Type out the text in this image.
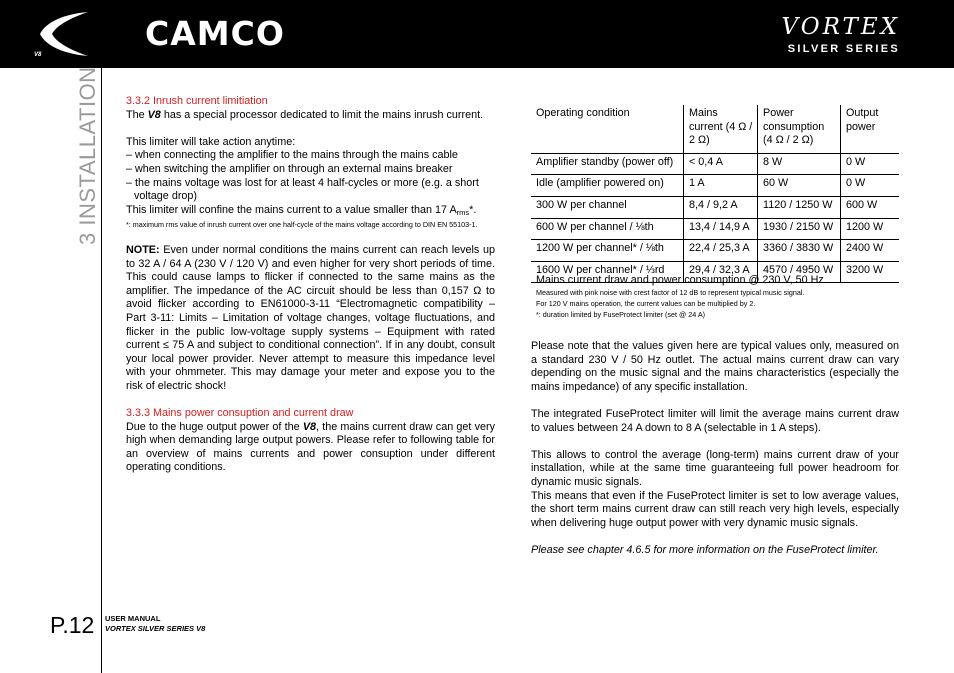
V8
CAMCO	VORTEX
SILVER SERIES
3 INSTALLATION
P.12 USER MANUAL
VORTEX SILVER SERIES V8

3.3.2 Inrush current limitiation

The V8 has a special processor dedicated to limit the mains inrush current.

This limiter will take action anytime:

– when connecting the amplifier to the mains through the mains cable

– when switching the amplifier on through an external mains breaker

– the mains voltage was lost for at least 4 half-cycles or more (e.g. a short voltage drop)

This limiter will confine the mains current to a value smaller than 17 $A_{rms}*$.

*: maximum rms value of inrush current over one half-cycle of the mains voltage according to DIN EN 55103-1.

NOTE: Even under normal conditions the mains current can reach levels up to 32 A / 64 A (230 V / 120 V) and even higher for very short periods of time. This could cause lamps to flicker if connected to the same mains as the amplifier. The impedance of the AC circuit should be less than 0,157 Ω to avoid flicker according to EN61000-3-11 “Electromagnetic compatibility – Part 3-11: Limits – Limitation of voltage changes, voltage fluctuations, and flicker in the public low-voltage supply systems – Equipment with rated current ≤ 75 A and subject to conditional connection”. If in any doubt, consult your local power provider. Never attempt to measure this impedance level with your ohmmeter. This may damage your meter and expose you to the risk of electric shock!

3.3.3 Mains power consuption and current draw

Due to the huge output power of the V8, the mains current draw can get very high when demanding large output powers. Please refer to following table for an overview of mains currents and power consuption under different operating conditions.

Operating condition	Mains current (4 Ω / 2 Ω)	Power consumption (4 Ω / 2 Ω)	Output power
Amplifier standby (power off)	< 0,4 A	8 W	0 W
Idle (amplifier powered on)	1 A	60 W	0 W
300 W per channel	8,4 / 9,2 A	1120 / 1250 W	600 W
600 W per channel / ⅛th	13,4 / 14,9 A	1930 / 2150 W	1200 W
1200 W per channel* / ⅛th	22,4 / 25,3 A	3360 / 3830 W	2400 W
1600 W per channel* / ⅓rd	29,4 / 32,3 A	4570 / 4950 W	3200 W
Mains current draw and power consumption @ 230 V, 50 Hz
Measured with pink noise with crest factor of 12 dB to represent typical music signal.
For 120 V mains operation, the current values can be multiplied by 2.
*: duration limited by FuseProtect limiter (set @ 24 A)

Please note that the values given here are typical values only, measured on a standard 230 V / 50 Hz outlet. The actual mains current draw can vary depending on the music signal and the mains characteristics (especially the mains impedance) of any specific installation.

The integrated FuseProtect limiter will limit the average mains current draw to values between 24 A down to 8 A (selectable in 1 A steps).

This allows to control the average (long-term) mains current draw of your installation, while at the same time guaranteeing full power headroom for dynamic music signals.

This means that even if the FuseProtect limiter is set to low average values, the short term mains current draw can still reach very high levels, especially when delivering huge output power with very dynamic music signals.

Please see chapter 4.6.5 for more information on the FuseProtect limiter.
